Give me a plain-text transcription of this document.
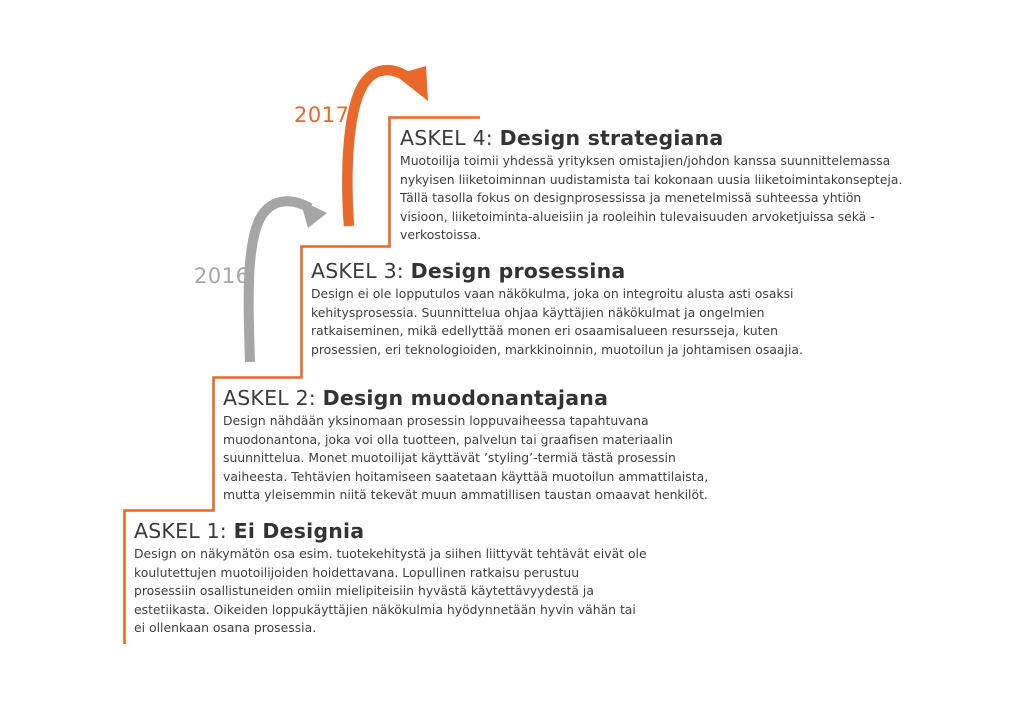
2016
2017
ASKEL 1: Ei Designia

Design on näkymätön osa esim. tuotekehitystä ja siihen liittyvät tehtävät eivät ole
koulutettujen muotoilijoiden hoidettavana. Lopullinen ratkaisu perustuu
prosessiin osallistuneiden omiin mielipiteisiin hyvästä käytettävyydestä ja
estetiikasta. Oikeiden loppukäyttäjien näkökulmia hyödynnetään hyvin vähän tai
ei ollenkaan osana prosessia.

ASKEL 2: Design muodonantajana

Design nähdään yksinomaan prosessin loppuvaiheessa tapahtuvana
muodonantona, joka voi olla tuotteen, palvelun tai graafisen materiaalin
suunnittelua. Monet muotoilijat käyttävät ’styling’-termiä tästä prosessin
vaiheesta. Tehtävien hoitamiseen saatetaan käyttää muotoilun ammattilaista,
mutta yleisemmin niitä tekevät muun ammatillisen taustan omaavat henkilöt.

ASKEL 3: Design prosessina

Design ei ole lopputulos vaan näkökulma, joka on integroitu alusta asti osaksi
kehitysprosessia. Suunnittelua ohjaa käyttäjien näkökulmat ja ongelmien
ratkaiseminen, mikä edellyttää monen eri osaamisalueen resursseja, kuten
prosessien, eri teknologioiden, markkinoinnin, muotoilun ja johtamisen osaajia.

ASKEL 4: Design strategiana

Muotoilija toimii yhdessä yrityksen omistajien/johdon kanssa suunnittelemassa
nykyisen liiketoiminnan uudistamista tai kokonaan uusia liiketoimintakonsepteja.
Tällä tasolla fokus on designprosessissa ja menetelmissä suhteessa yhtiön
visioon, liiketoiminta-alueisiin ja rooleihin tulevaisuuden arvoketjuissa sekä -
verkostoissa.
